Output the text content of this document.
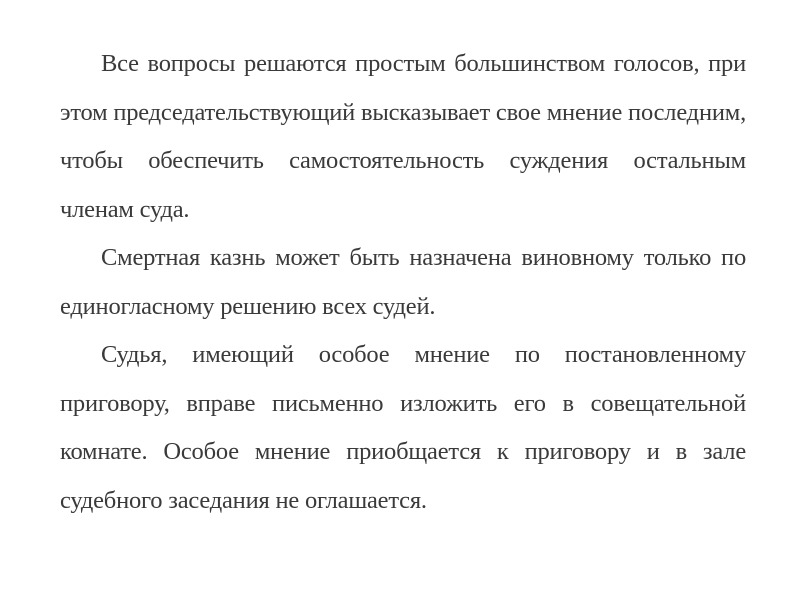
Все вопросы решаются простым большинством голосов, при этом председательствующий высказывает свое мнение последним, чтобы обеспечить самостоятельность суждения остальным членам суда.

Смертная казнь может быть назначена виновному только по единогласному решению всех судей.

Судья, имеющий особое мнение по постановленному приговору, вправе письменно изложить его в совещательной комнате. Особое мнение приобщается к приговору и в зале судебного заседания не оглашается.
